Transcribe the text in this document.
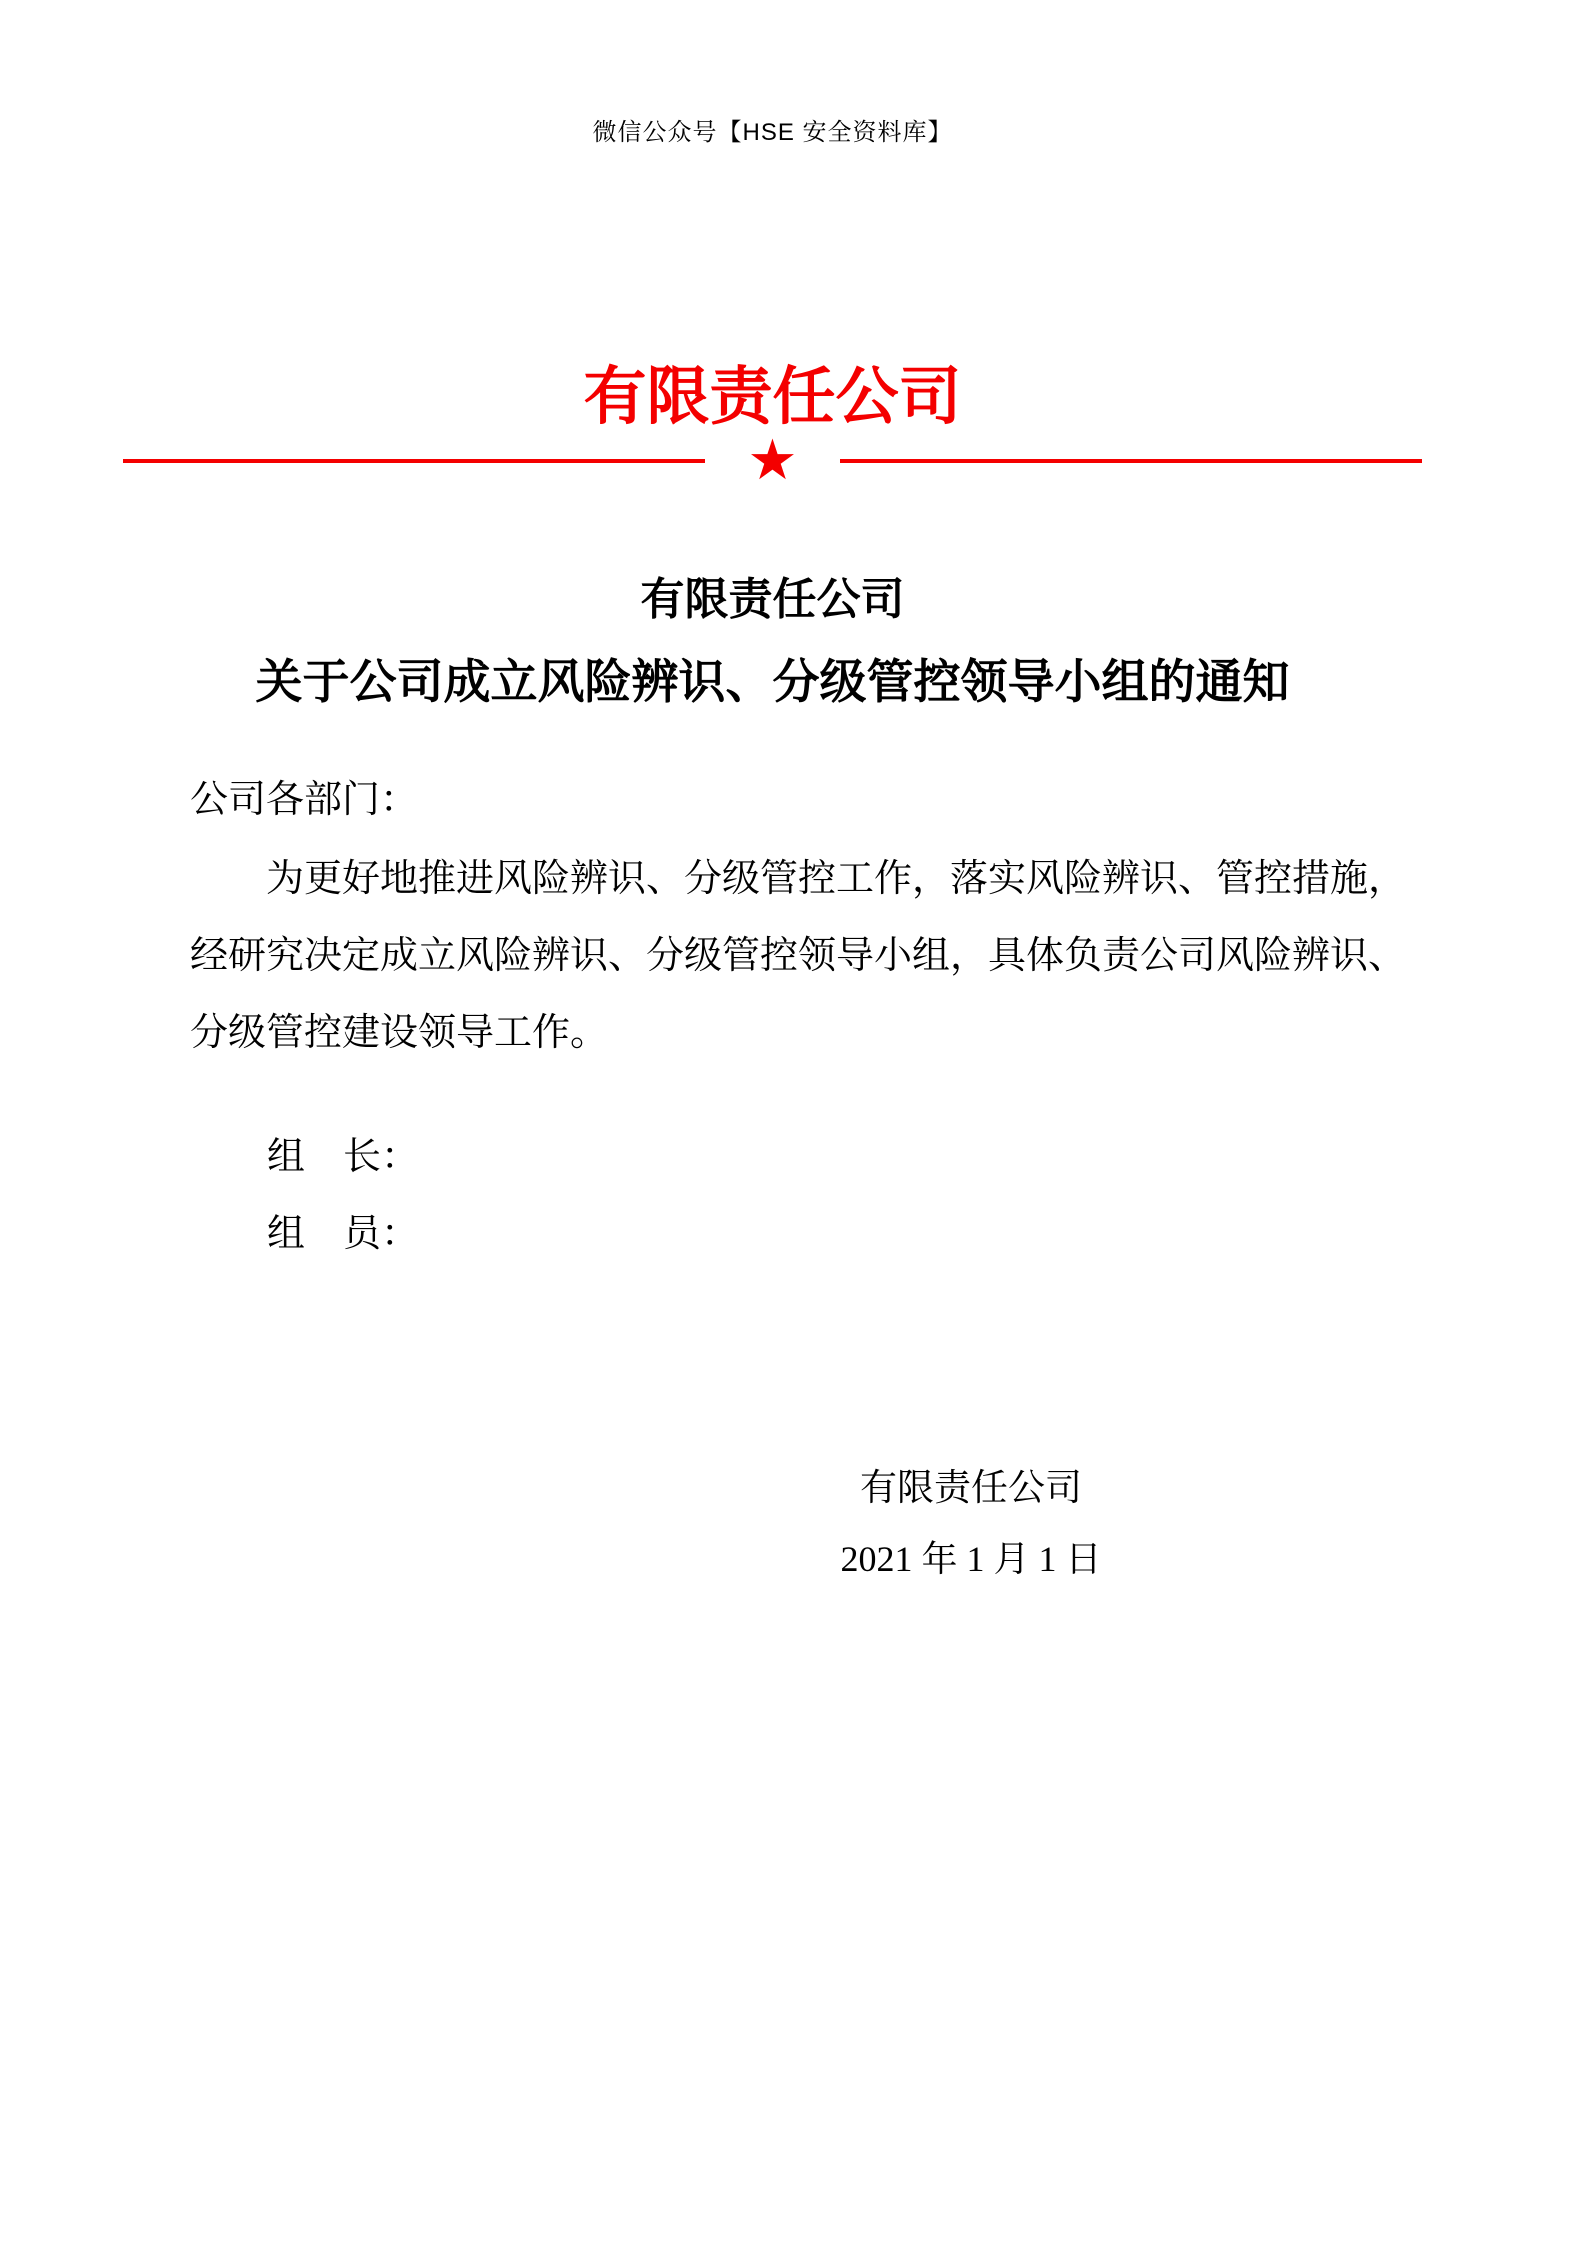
微信公众号【HSE 安全资料库】
有限责任公司
★
有限责任公司
关于公司成立风险辨识、分级管控领导小组的通知
公司各部门：
为更好地推进风险辨识、分级管控工作，落实风险辨识、管控措施，
经研究决定成立风险辨识、分级管控领导小组，具体负责公司风险辨识、
分级管控建设领导工作。
组　长：
组　员：
有限责任公司
2021 年 1 月 1 日
